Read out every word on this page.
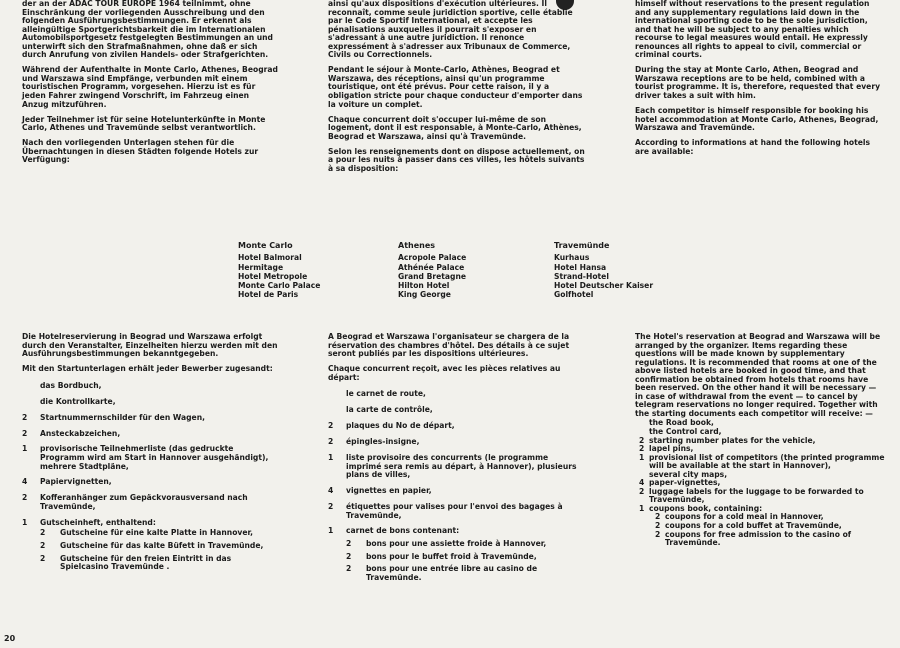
der an der ADAC TOUR EUROPE 1964 teilnimmt, ohne Einschränkung der vorliegenden Ausschreibung und den folgenden Ausführungsbestimmungen. Er erkennt als alleingültige Sportgerichtsbarkeit die im Internationalen Automobilsportgesetz festgelegten Bestimmungen an und unterwirft sich den Strafmaßnahmen, ohne daß er sich durch Anrufung von zivilen Handels- oder Strafgerichten.

Während der Aufenthalte in Monte Carlo, Athenes, Beograd und Warszawa sind Empfänge, verbunden mit einem touristischen Programm, vorgesehen. Hierzu ist es für jeden Fahrer zwingend Vorschrift, im Fahrzeug einen Anzug mitzuführen.

Jeder Teilnehmer ist für seine Hotelunterkünfte in Monte Carlo, Athenes und Travemünde selbst verantwortlich.

Nach den vorliegenden Unterlagen stehen für die Übernachtungen in diesen Städten folgende Hotels zur Verfügung:

ainsi qu'aux dispositions d'exécution ultérieures. Il reconnaît, comme seule juridiction sportive, celle établie par le Code Sportif International, et accepte les pénalisations auxquelles il pourrait s'exposer en s'adressant à une autre juridiction. Il renonce expressément à s'adresser aux Tribunaux de Commerce, Civils ou Correctionnels.

Pendant le séjour à Monte-Carlo, Athènes, Beograd et Warszawa, des réceptions, ainsi qu'un programme touristique, ont été prévus. Pour cette raison, il y a obligation stricte pour chaque conducteur d'emporter dans la voiture un complet.

Chaque concurrent doit s'occuper lui-même de son logement, dont il est responsable, à Monte-Carlo, Athènes, Beograd et Warszawa, ainsi qu'à Travemünde.

Selon les renseignements dont on dispose actuellement, on a pour les nuits à passer dans ces villes, les hôtels suivants à sa disposition:

himself without reservations to the present regulation and any supplementary regulations laid down in the international sporting code to be the sole jurisdiction, and that he will be subject to any penalties which recourse to legal measures would entail. He expressly renounces all rights to appeal to civil, commercial or criminal courts.

During the stay at Monte Carlo, Athen, Beograd and Warszawa receptions are to be held, combined with a tourist programme. It is, therefore, requested that every driver takes a suit with him.

Each competitor is himself responsible for booking his hotel accommodation at Monte Carlo, Athenes, Beograd, Warszawa and Travemünde.

According to informations at hand the following hotels are available:

Monte Carlo
Hotel Balmoral
Hermitage
Hotel Metropole
Monte Carlo Palace
Hotel de Paris
Athenes
Acropole Palace
Athénée Palace
Grand Bretagne
Hilton Hotel
King George
Travemünde
Kurhaus
Hotel Hansa
Strand-Hotel
Hotel Deutscher Kaiser
Golfhotel

Die Hotelreservierung in Beograd und Warszawa erfolgt durch den Veranstalter, Einzelheiten hierzu werden mit den Ausführungsbestimmungen bekanntgegeben.

Mit den Startunterlagen erhält jeder Bewerber zugesandt:

das Bordbuch,
die Kontrollkarte,
2 Startnummernschilder für den Wagen,
2 Ansteckabzeichen,
1 provisorische Teilnehmerliste (das gedruckte Programm wird am Start in Hannover ausgehändigt), mehrere Stadtpläne,
4 Papiervignetten,
2 Kofferanhänger zum Gepäckvorausversand nach Travemünde,
1 Gutscheinheft, enthaltend:
2 Gutscheine für eine kalte Platte in Hannover,
2 Gutscheine für das kalte Büfett in Travemünde,
2 Gutscheine für den freien Eintritt in das Spielcasino Travemünde .

A Beograd et Warszawa l'organisateur se chargera de la réservation des chambres d'hôtel. Des détails à ce sujet seront publiés par les dispositions ultérieures.

Chaque concurrent reçoit, avec les pièces relatives au départ:

le carnet de route,
la carte de contrôle,
2 plaques du No de départ,
2 épingles-insigne,
1 liste provisoire des concurrents (le programme imprimé sera remis au départ, à Hannover), plusieurs plans de villes,
4 vignettes en papier,
2 étiquettes pour valises pour l'envoi des bagages à Travemünde,
1 carnet de bons contenant:
2 bons pour une assiette froide à Hannover,
2 bons pour le buffet froid à Travemünde,
2 bons pour une entrée libre au casino de Travemünde.

The Hotel's reservation at Beograd and Warszawa will be arranged by the organizer. Items regarding these questions will be made known by supplementary regulations. It is recommended that rooms at one of the above listed hotels are booked in good time, and that confirmation be obtained from hotels that rooms have been reserved. On the other hand it will be necessary — in case of withdrawal from the event — to cancel by telegram reservations no longer required. Together with the starting documents each competitor will receive: —

the Road book,
the Control card,
2 starting number plates for the vehicle,
2 lapel pins,
1 provisional list of competitors (the printed programme will be available at the start in Hannover),
several city maps,
4 paper-vignettes,
2 luggage labels for the luggage to be forwarded to Travemünde,
1 coupons book, containing:
2 coupons for a cold meal in Hannover,
2 coupons for a cold buffet at Travemünde,
2 coupons for free admission to the casino of Travemünde.
20
